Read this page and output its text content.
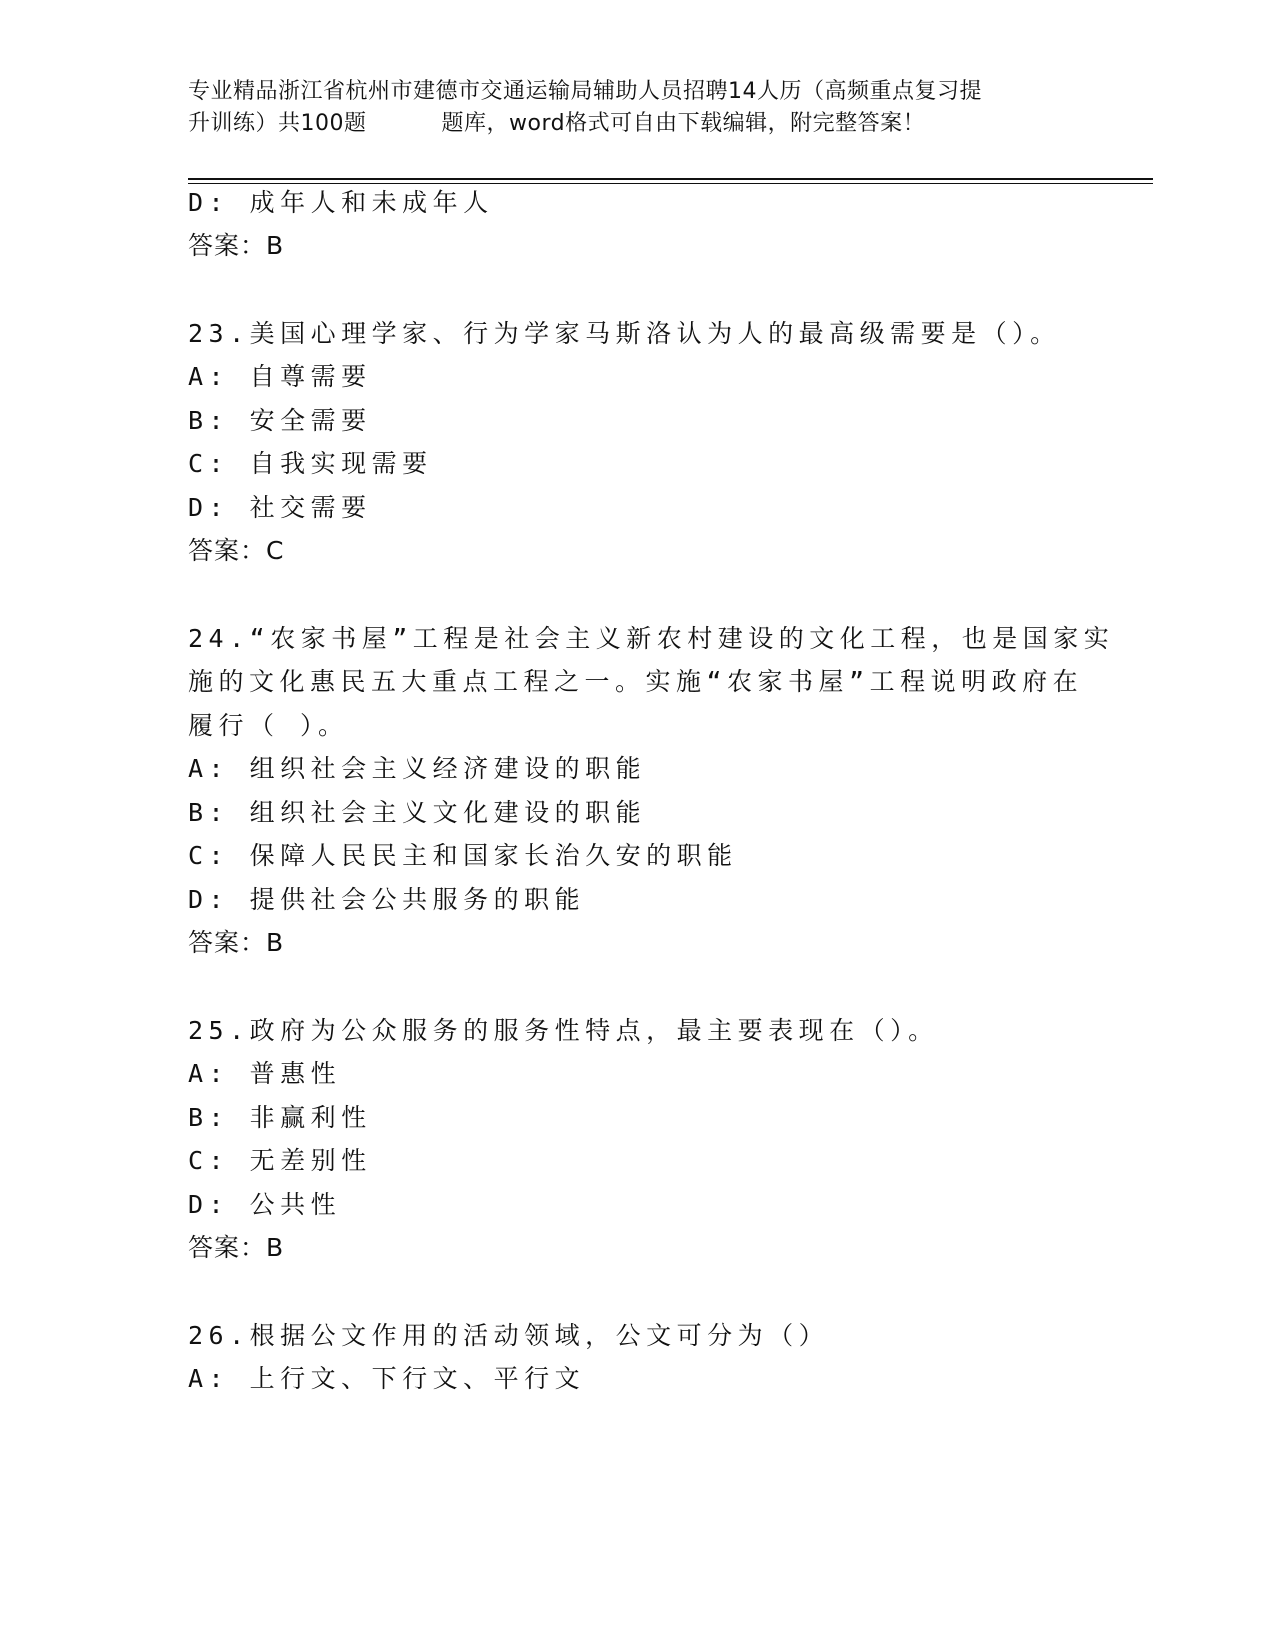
专业精品浙江省杭州市建德市交通运输局辅助人员招聘14人历（高频重点复习提
升训练）共100题	题库，word格式可自由下载编辑，附完整答案！
D: 成年人和未成年人
答案：B
23.美国心理学家、行为学家马斯洛认为人的最高级需要是（）。
A: 自尊需要
B: 安全需要
C: 自我实现需要
D: 社交需要
答案：C
24.“农家书屋”工程是社会主义新农村建设的文化工程，也是国家实
施的文化惠民五大重点工程之一。实施“农家书屋”工程说明政府在
履行（ ）。
A: 组织社会主义经济建设的职能
B: 组织社会主义文化建设的职能
C: 保障人民民主和国家长治久安的职能
D: 提供社会公共服务的职能
答案：B
25.政府为公众服务的服务性特点，最主要表现在（）。
A: 普惠性
B: 非赢利性
C: 无差别性
D: 公共性
答案：B
26.根据公文作用的活动领域，公文可分为（）
A: 上行文、下行文、平行文
